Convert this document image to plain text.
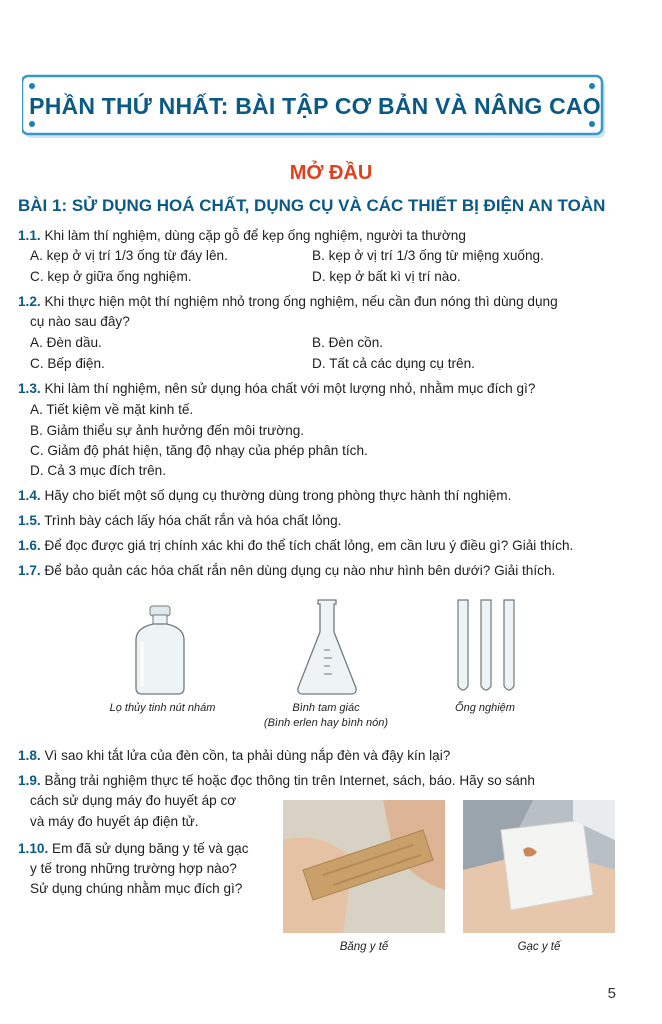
PHẦN THỨ NHẤT: BÀI TẬP CƠ BẢN VÀ NÂNG CAO
MỞ ĐẦU
BÀI 1: SỬ DỤNG HOÁ CHẤT, DỤNG CỤ VÀ CÁC THIẾT BỊ ĐIỆN AN TOÀN
1.1. Khi làm thí nghiệm, dùng cặp gỗ để kẹp ống nghiệm, người ta thường
A. kẹp ở vị trí 1/3 ống từ đáy lên.	B. kẹp ở vị trí 1/3 ống từ miệng xuống.
C. kẹp ở giữa ống nghiệm.	D. kẹp ở bất kì vị trí nào.
1.2. Khi thực hiện một thí nghiệm nhỏ trong ống nghiệm, nếu cần đun nóng thì dùng dụng
cụ nào sau đây?
A. Đèn dầu.	B. Đèn cồn.
C. Bếp điện.	D. Tất cả các dụng cụ trên.
1.3. Khi làm thí nghiệm, nên sử dụng hóa chất với một lượng nhỏ, nhằm mục đích gì?
A. Tiết kiệm về mặt kinh tế.
B. Giảm thiểu sự ảnh hưởng đến môi trường.
C. Giảm độ phát hiện, tăng độ nhạy của phép phân tích.
D. Cả 3 mục đích trên.
1.4. Hãy cho biết một số dụng cụ thường dùng trong phòng thực hành thí nghiệm.
1.5. Trình bày cách lấy hóa chất rắn và hóa chất lỏng.
1.6. Để đọc được giá trị chính xác khi đo thể tích chất lỏng, em cần lưu ý điều gì? Giải thích.
1.7. Để bảo quản các hóa chất rắn nên dùng dụng cụ nào như hình bên dưới? Giải thích.
Lọ thủy tinh nút nhám	Bình tam giác
(Bình erlen hay bình nón)
Ống nghiệm
1.8. Vì sao khi tắt lửa của đèn cồn, ta phải dùng nắp đèn và đậy kín lại?
1.9. Bằng trải nghiệm thực tế hoặc đọc thông tin trên Internet, sách, báo. Hãy so sánh
cách sử dụng máy đo huyết áp cơ
và máy đo huyết áp điện tử.
1.10. Em đã sử dụng băng y tế và gạc
y tế trong những trường hợp nào?
Sử dụng chúng nhằm mục đích gì?
Băng y tế	Gạc y tế
5
